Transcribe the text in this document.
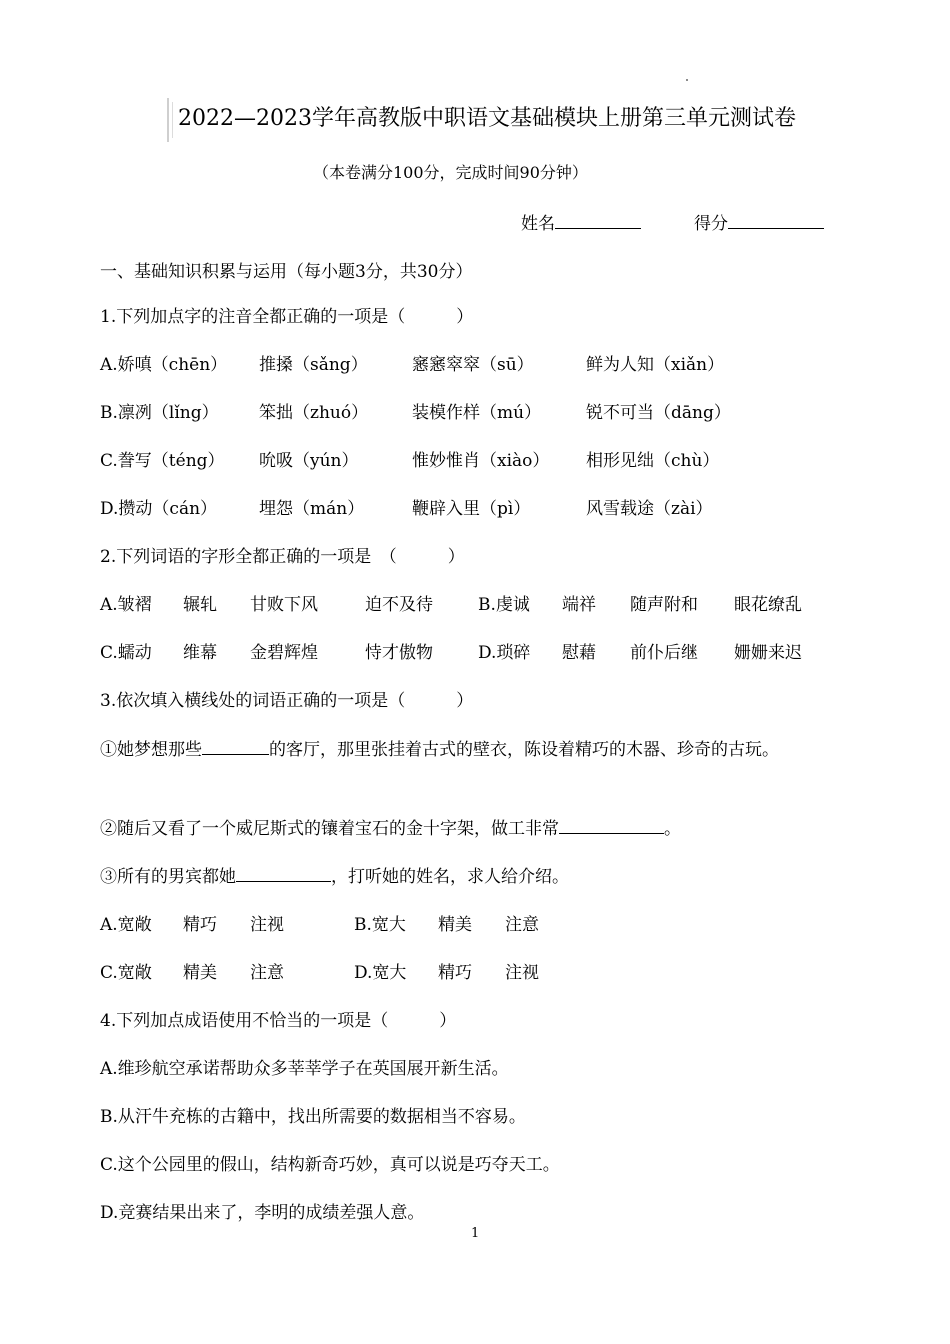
2022—2023学年高教版中职语文基础模块上册第三单元测试卷
（本卷满分100分，完成时间90分钟）
姓名	得分
一、基础知识积累与运用（每小题3分，共30分）
1.下列加点字的注音全都正确的一项是（　　　）
A.娇嗔（chēn） 推搡（sǎng）	窸窸窣窣（sū）	鲜为人知（xiǎn）
B.凛冽（lǐng） 笨拙（zhuó）	装模作样（mú）	锐不可当（dāng）
C.誊写（téng） 吮吸（yún）	惟妙惟肖（xiào） 相形见绌（chù）
D.攒动（cán） 埋怨（mán）	鞭辟入里（pì）	风雪载途（zài）
2.下列词语的字形全都正确的一项是　（　　　）
A.皱褶 辗轧 甘败下风	迫不及待	B.虔诚 端祥 随声附和 眼花缭乱
C.蠕动 维幕 金碧辉煌	恃才傲物	D.琐碎 慰藉 前仆后继 姗姗来迟
3.依次填入横线处的词语正确的一项是（　　　）
①她梦想那些	的客厅，那里张挂着古式的壁衣，陈设着精巧的木器、珍奇的古玩。
②随后又看了一个威尼斯式的镶着宝石的金十字架，做工非常	。
③所有的男宾都她	，打听她的姓名，求人给介绍。
A.宽敞 精巧 注视	B.宽大 精美 注意
C.宽敞 精美 注意	D.宽大 精巧 注视
4.下列加点成语使用不恰当的一项是（　　　）
A.维珍航空承诺帮助众多莘莘学子在英国展开新生活。
B.从汗牛充栋的古籍中，找出所需要的数据相当不容易。
C.这个公园里的假山，结构新奇巧妙，真可以说是巧夺天工。
D.竞赛结果出来了，李明的成绩差强人意。
1
